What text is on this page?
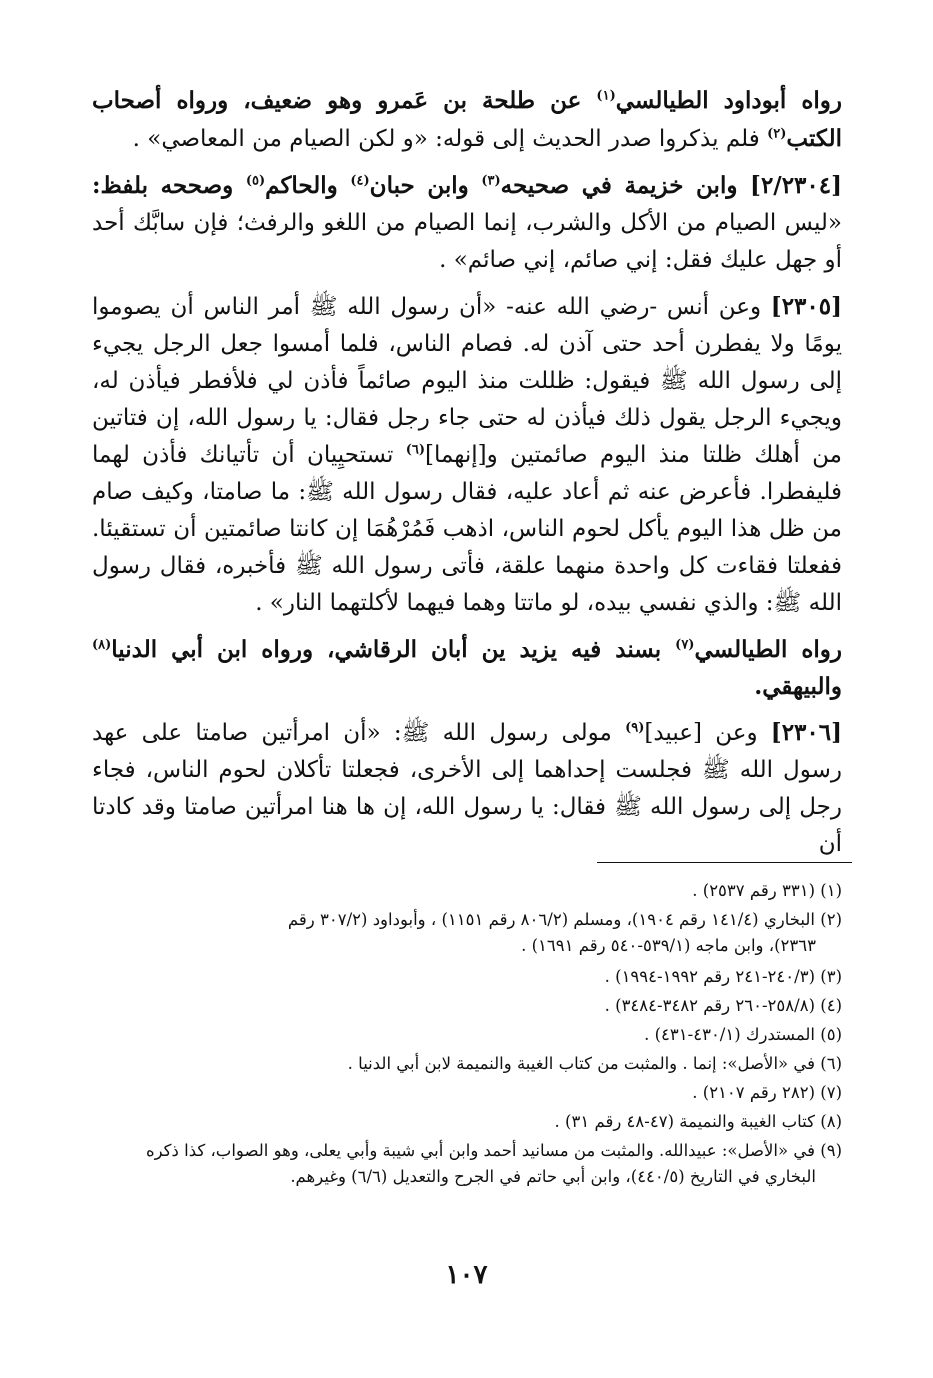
رواه أبوداود الطيالسي$^{(١)}$ عن طلحة بن عَمرو وهو ضعيف، ورواه أصحاب الكتب$^{(٢)}$ فلم يذكروا صدر الحديث إلى قوله: «و لكن الصيام من المعاصي» .

[٢/٢٣٠٤] وابن خزيمة في صحيحه$^{(٣)}$ وابن حبان$^{(٤)}$ والحاكم$^{(٥)}$ وصححه بلفظ: «ليس الصيام من الأكل والشرب، إنما الصيام من اللغو والرفث؛ فإن سابَّك أحد أو جهل عليك فقل: إني صائم، إني صائم» .

[٢٣٠٥] وعن أنس -رضي الله عنه- «أن رسول الله ﷺ أمر الناس أن يصوموا يومًا ولا يفطرن أحد حتى آذن له. فصام الناس، فلما أمسوا جعل الرجل يجيء إلى رسول الله ﷺ فيقول: ظللت منذ اليوم صائماً فأذن لي فلأفطر فيأذن له، ويجيء الرجل يقول ذلك فيأذن له حتى جاء رجل فقال: يا رسول الله، إن فتاتين من أهلك ظلتا منذ اليوم صائمتين و[إنهما]$^{(٦)}$ تستحيِيان أن تأتيانك فأذن لهما فليفطرا. فأعرض عنه ثم أعاد عليه، فقال رسول الله ﷺ: ما صامتا، وكيف صام من ظل هذا اليوم يأكل لحوم الناس، اذهب فَمُرْهُمَا إن كانتا صائمتين أن تستقيئا. ففعلتا فقاءت كل واحدة منهما علقة، فأتى رسول الله ﷺ فأخبره، فقال رسول الله ﷺ: والذي نفسي بيده، لو ماتتا وهما فيهما لأكلتهما النار» .

رواه الطيالسي$^{(٧)}$ بسند فيه يزيد ين أبان الرقاشي، ورواه ابن أبي الدنيا$^{(٨)}$ والبيهقي.

[٢٣٠٦] وعن [عبيد]$^{(٩)}$ مولى رسول الله ﷺ: «أن امرأتين صامتا على عهد رسول الله ﷺ فجلست إحداهما إلى الأخرى، فجعلتا تأكلان لحوم الناس، فجاء رجل إلى رسول الله ﷺ فقال: يا رسول الله، إن ها هنا امرأتين صامتا وقد كادتا أن

(١) (٣٣١ رقم ٢٥٣٧) .

(٢) البخاري (١٤١/٤ رقم ١٩٠٤)، ومسلم (٨٠٦/٢ رقم ١١٥١) ، وأبوداود (٣٠٧/٢ رقم
٢٣٦٣)، وابن ماجه (٥٣٩/١-٥٤٠ رقم ١٦٩١) .

(٣) (٢٤٠/٣-٢٤١ رقم ١٩٩٢-١٩٩٤) .

(٤) (٢٥٨/٨-٢٦٠ رقم ٣٤٨٢-٣٤٨٤) .

(٥) المستدرك (٤٣٠/١-٤٣١) .

(٦) في «الأصل»: إنما . والمثبت من كتاب الغيبة والنميمة لابن أبي الدنيا .

(٧) (٢٨٢ رقم ٢١٠٧) .

(٨) كتاب الغيبة والنميمة (٤٧-٤٨ رقم ٣١) .

(٩) في «الأصل»: عبيدالله. والمثبت من مسانيد أحمد وابن أبي شيبة وأبي يعلى، وهو الصواب، كذا ذكره
البخاري في التاريخ (٤٤٠/٥)، وابن أبي حاتم في الجرح والتعديل (٦/٦) وغيرهم.

١٠٧
